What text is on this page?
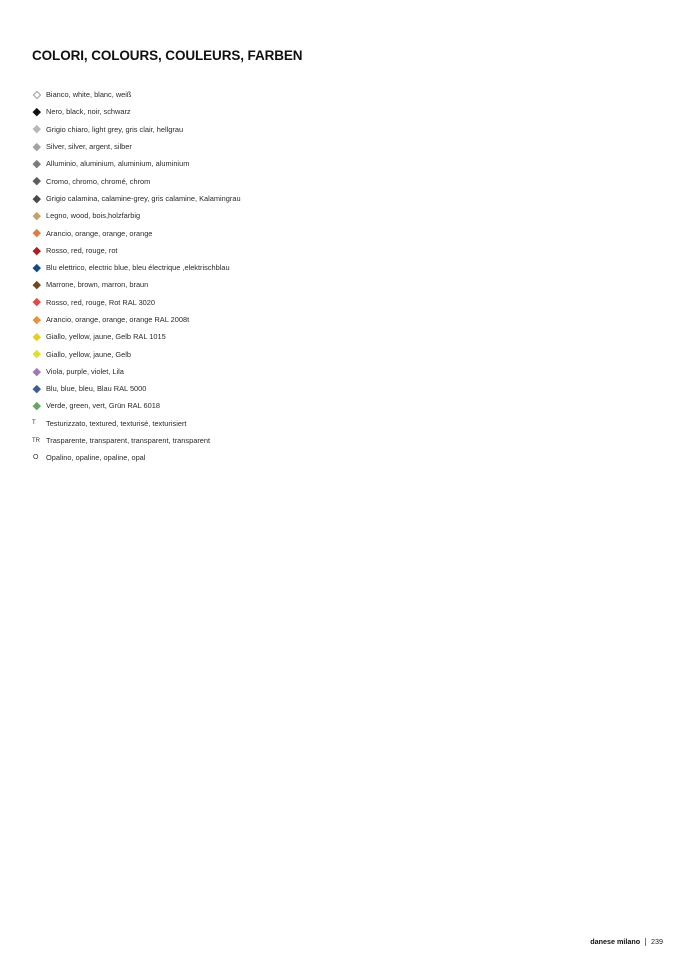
COLORI, COLOURS, COULEURS, FARBEN
Bianco, white, blanc, weiß
Nero, black, noir, schwarz
Grigio chiaro, light grey, gris clair, hellgrau
Silver, silver, argent, silber
Alluminio, aluminium, aluminium, aluminium
Cromo, chromo, chromé, chrom
Grigio calamina, calamine-grey, gris calamine, Kalamingrau
Legno, wood, bois,holzfarbig
Arancio, orange, orange, orange
Rosso, red, rouge, rot
Blu elettrico, electric blue, bleu électrique ,elektrischblau
Marrone, brown, marron, braun
Rosso, red, rouge, Rot RAL 3020
Arancio, orange, orange, orange RAL 2008t
Giallo, yellow, jaune, Gelb RAL 1015
Giallo, yellow, jaune, Gelb
Viola, purple, violet, Lila
Blu, blue, bleu, Blau RAL 5000
Verde, green, vert, Grün RAL 6018
T	Testurizzato, textured, texturisé, texturisiert
TR Trasparente, transparent, transparent, transparent
O	Opalino, opaline, opaline, opal
danese milano 239
